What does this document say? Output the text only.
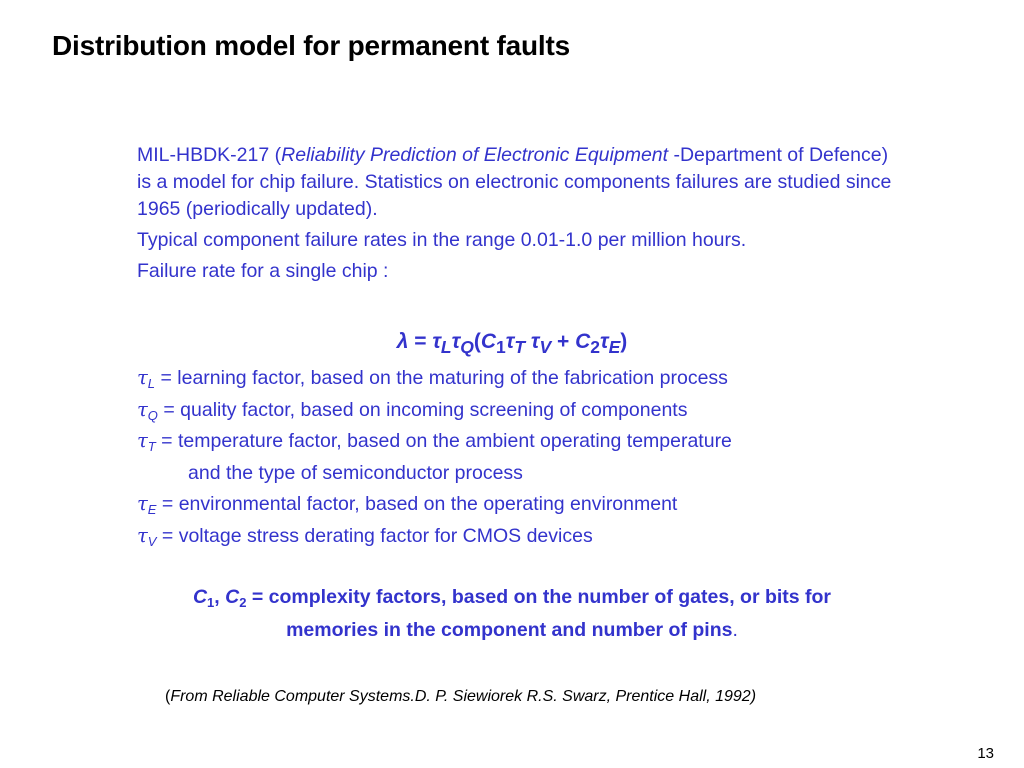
Distribution model for permanent faults

MIL-HBDK-217 (Reliability Prediction of Electronic Equipment -Department of Defence) is a model for chip failure. Statistics on electronic components failures are studied since 1965 (periodically updated).

Typical component failure rates in the range 0.01-1.0 per million hours.

Failure rate for a single chip :

$\lambda = \tau_L\tau_Q(C_1\tau_T$ $\tau_V + C_2\tau_E$)
$\tau_L$ = learning factor, based on the maturing of the fabrication process
$\tau_Q$ = quality factor, based on incoming screening of components
$\tau_T$ = temperature factor, based on the ambient operating temperature
and the type of semiconductor process
$\tau_E$ = environmental factor, based on the operating environment
$\tau_V$ = voltage stress derating factor for CMOS devices
$C_1$, $C_2$ = complexity factors, based on the number of gates, or bits for
memories in the component and number of pins.
(From Reliable Computer Systems.D. P. Siewiorek R.S. Swarz, Prentice Hall, 1992)
13
